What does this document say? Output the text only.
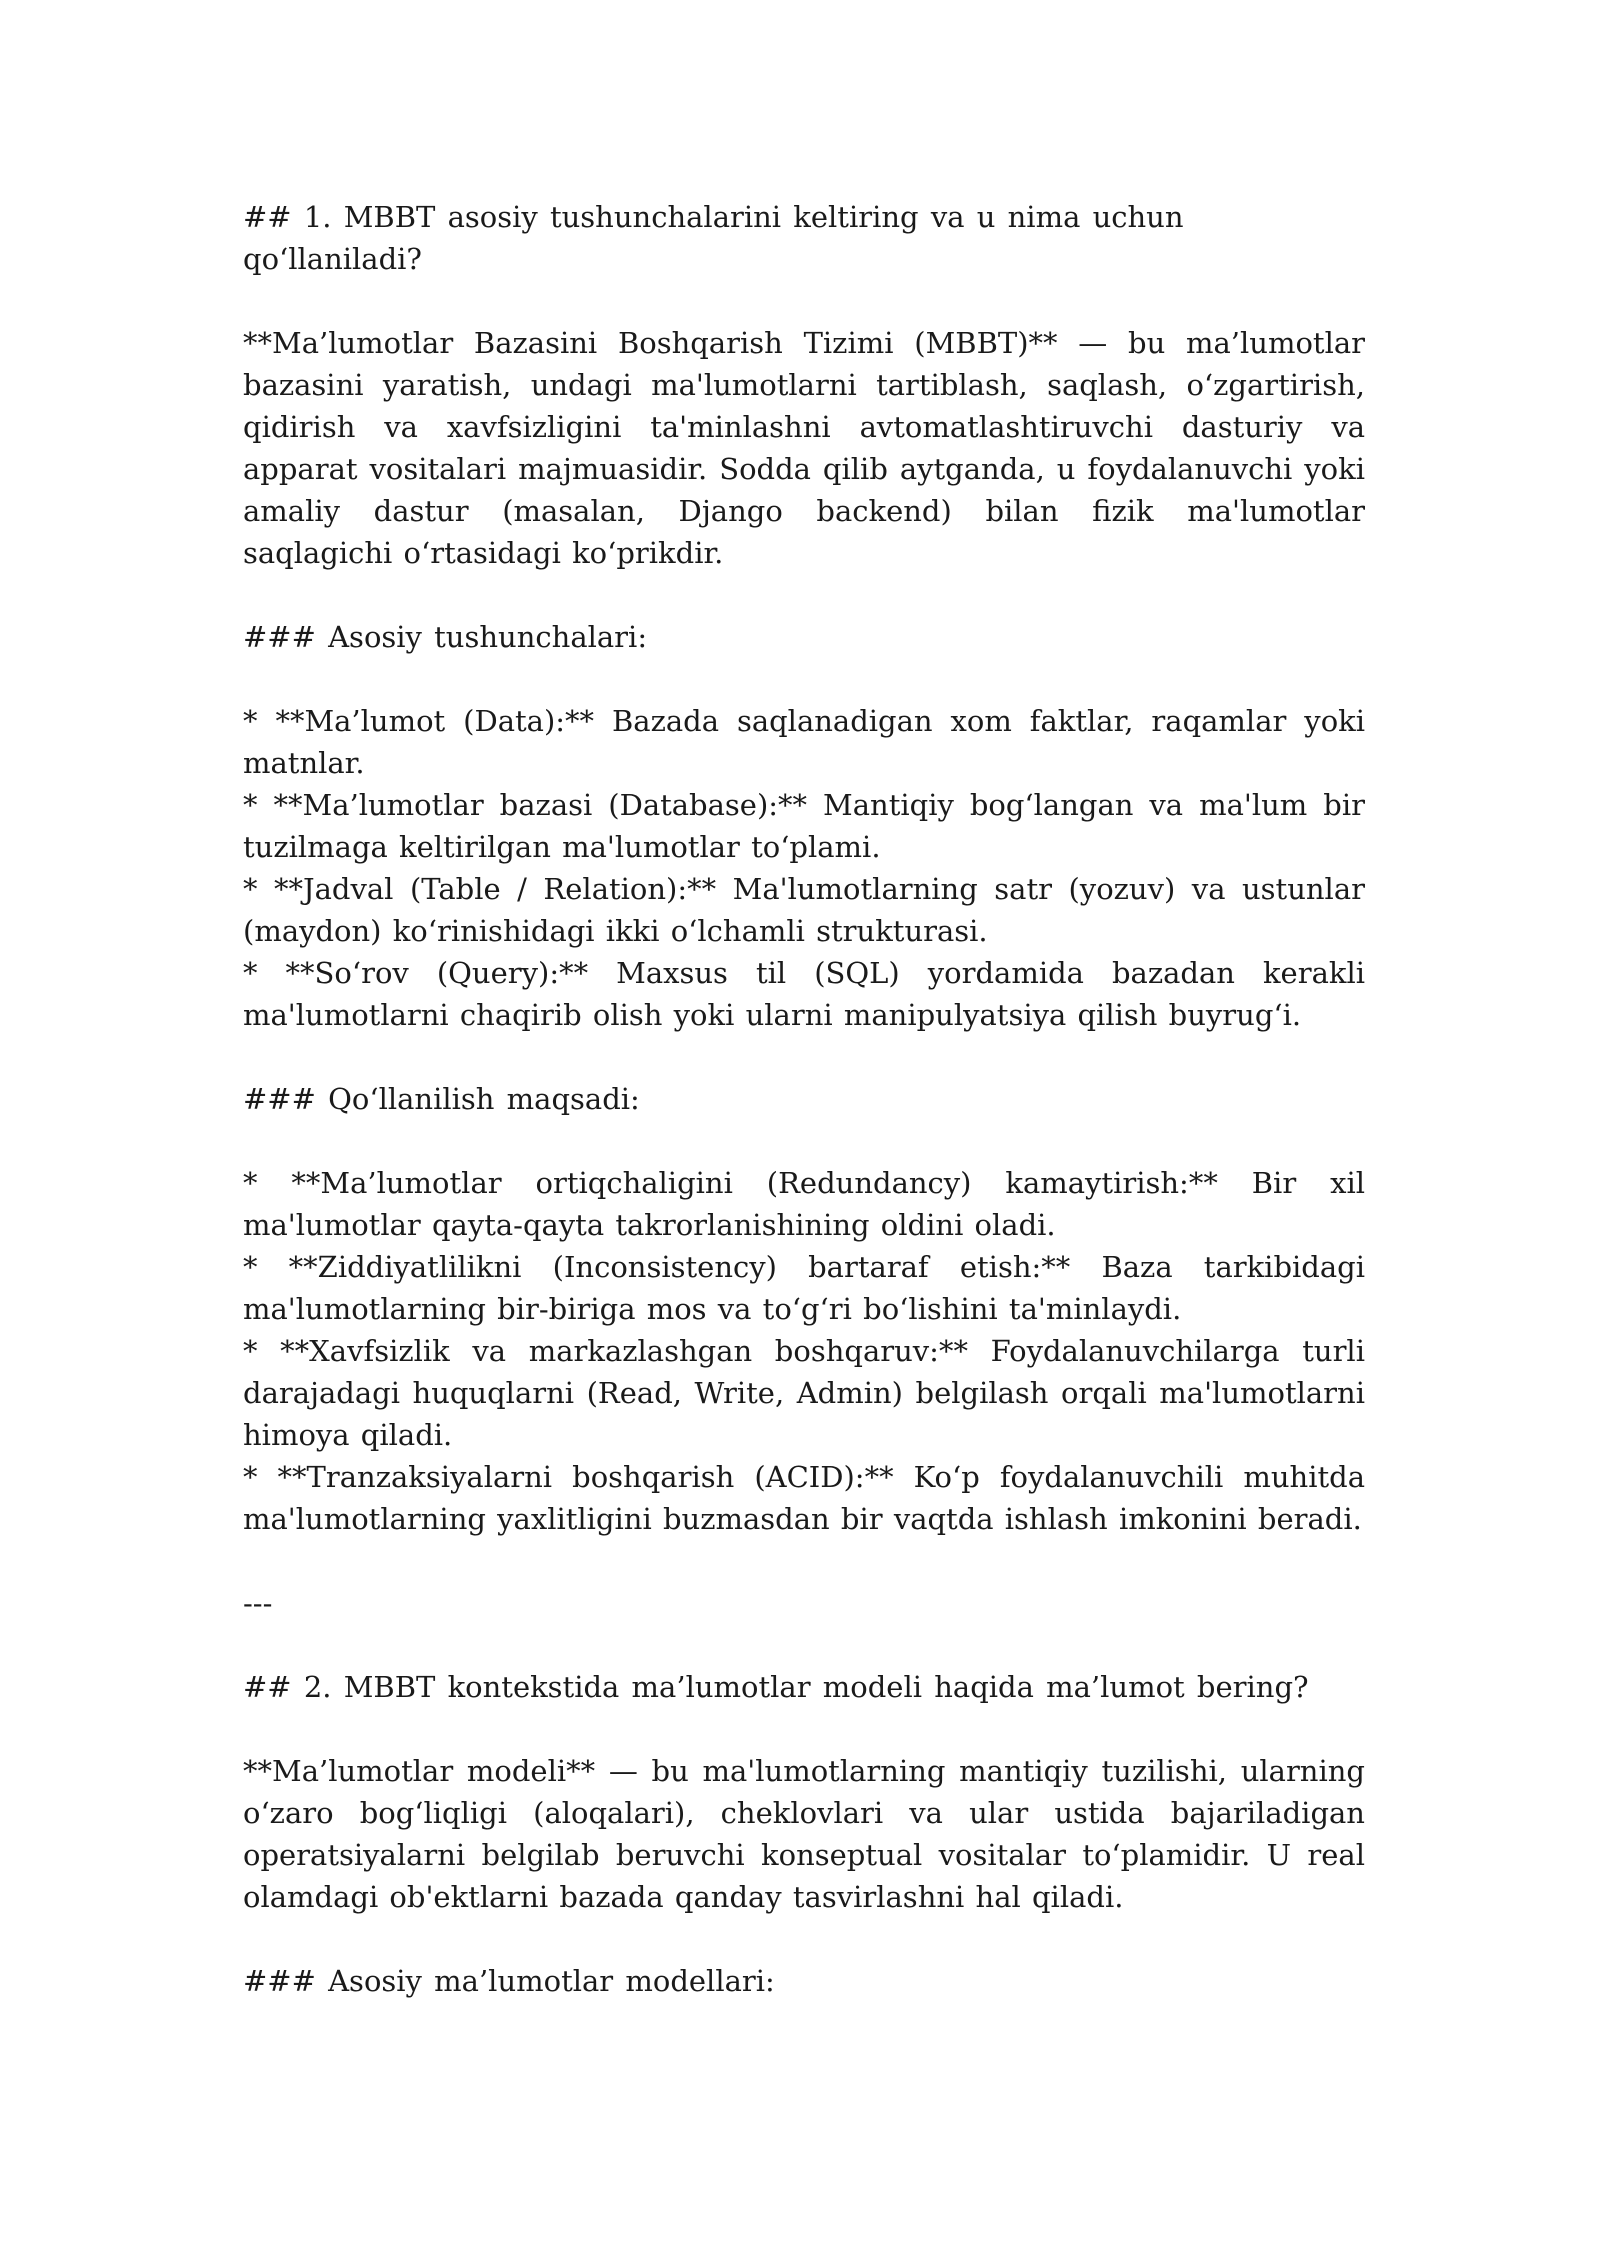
## 1. MBBT asosiy tushunchalarini keltiring va u nima uchun qo‘llaniladi?
**Ma’lumotlar Bazasini Boshqarish Tizimi (MBBT)** — bu ma’lumotlar bazasini yaratish, undagi ma'lumotlarni tartiblash, saqlash, o‘zgartirish, qidirish va xavfsizligini ta'minlashni avtomatlashtiruvchi dasturiy va apparat vositalari majmuasidir. Sodda qilib aytganda, u foydalanuvchi yoki amaliy dastur (masalan, Django backend) bilan fizik ma'lumotlar saqlagichi o‘rtasidagi ko‘prikdir.
### Asosiy tushunchalari:
* **Ma’lumot (Data):** Bazada saqlanadigan xom faktlar, raqamlar yoki matnlar.
* **Ma’lumotlar bazasi (Database):** Mantiqiy bog‘langan va ma'lum bir tuzilmaga keltirilgan ma'lumotlar to‘plami.
* **Jadval (Table / Relation):** Ma'lumotlarning satr (yozuv) va ustunlar (maydon) ko‘rinishidagi ikki o‘lchamli strukturasi.
* **So‘rov (Query):** Maxsus til (SQL) yordamida bazadan kerakli ma'lumotlarni chaqirib olish yoki ularni manipulyatsiya qilish buyrug‘i.
### Qo‘llanilish maqsadi:
* **Ma’lumotlar ortiqchaligini (Redundancy) kamaytirish:** Bir xil ma'lumotlar qayta-qayta takrorlanishining oldini oladi.
* **Ziddiyatlilikni (Inconsistency) bartaraf etish:** Baza tarkibidagi ma'lumotlarning bir-biriga mos va to‘g‘ri bo‘lishini ta'minlaydi.
* **Xavfsizlik va markazlashgan boshqaruv:** Foydalanuvchilarga turli darajadagi huquqlarni (Read, Write, Admin) belgilash orqali ma'lumotlarni himoya qiladi.
* **Tranzaksiyalarni boshqarish (ACID):** Ko‘p foydalanuvchili muhitda ma'lumotlarning yaxlitligini buzmasdan bir vaqtda ishlash imkonini beradi.
---
## 2. MBBT kontekstida ma’lumotlar modeli haqida ma’lumot bering?
**Ma’lumotlar modeli** — bu ma'lumotlarning mantiqiy tuzilishi, ularning o‘zaro bog‘liqligi (aloqalari), cheklovlari va ular ustida bajariladigan operatsiyalarni belgilab beruvchi konseptual vositalar to‘plamidir. U real olamdagi ob'ektlarni bazada qanday tasvirlashni hal qiladi.
### Asosiy ma’lumotlar modellari:
